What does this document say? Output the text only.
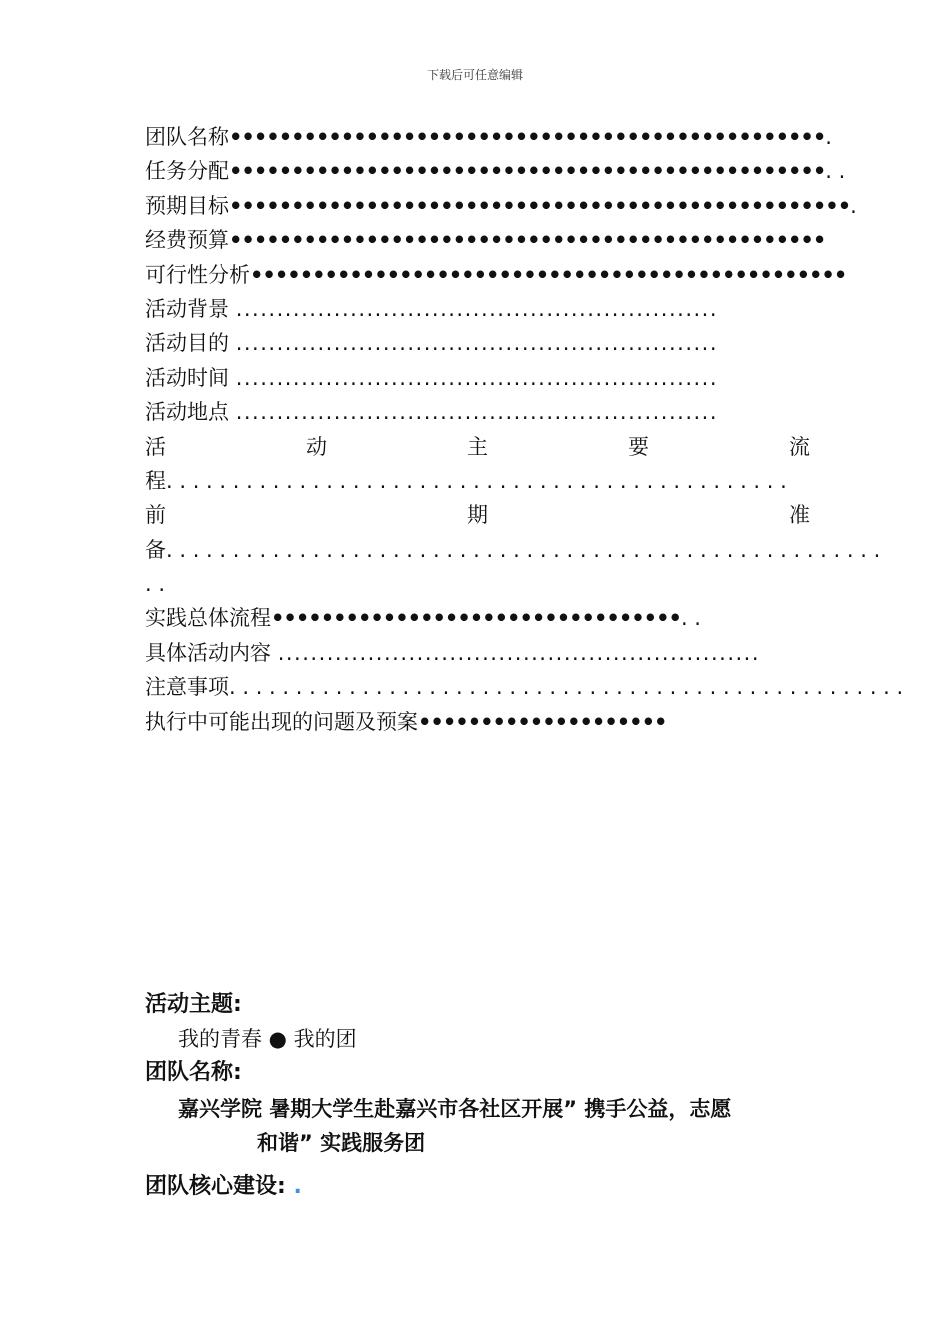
下载后可任意编辑
团队名称••••••••••••••••••••••••••••••••••••••••••••••••.
任务分配••••••••••••••••••••••••••••••••••••••••••••••••. .
预期目标••••••••••••••••••••••••••••••••••••••••••••••••••.
经费预算••••••••••••••••••••••••••••••••••••••••••••••••
可行性分析••••••••••••••••••••••••••••••••••••••••••••••••
活动背景 ...........................................................
活动目的 ...........................................................
活动时间 ...........................................................
活动地点 ...........................................................
活	动	主	要	流
程. . . . . . . . . . . . . . . . . . . . . . . . . . . . . . . . . . . . . . . . . . . . . . .
前	期	准
备. . . . . . . . . . . . . . . . . . . . . . . . . . . . . . . . . . . . . . . . . . . . . . . . . . . . . .
. .
实践总体流程•••••••••••••••••••••••••••••••••. .
具体活动内容 ...........................................................
注意事项. . . . . . . . . . . . . . . . . . . . . . . . . . . . . . . . . . . . . . . . . . . . . . . . . . .
执行中可能出现的问题及预案••••••••••••••••••••
活动主题:
我的青春 ● 我的团
团队名称:
嘉兴学院 暑期大学生赴嘉兴市各社区开展” 携手公益，志愿
和谐” 实践服务团
团队核心建设: .
